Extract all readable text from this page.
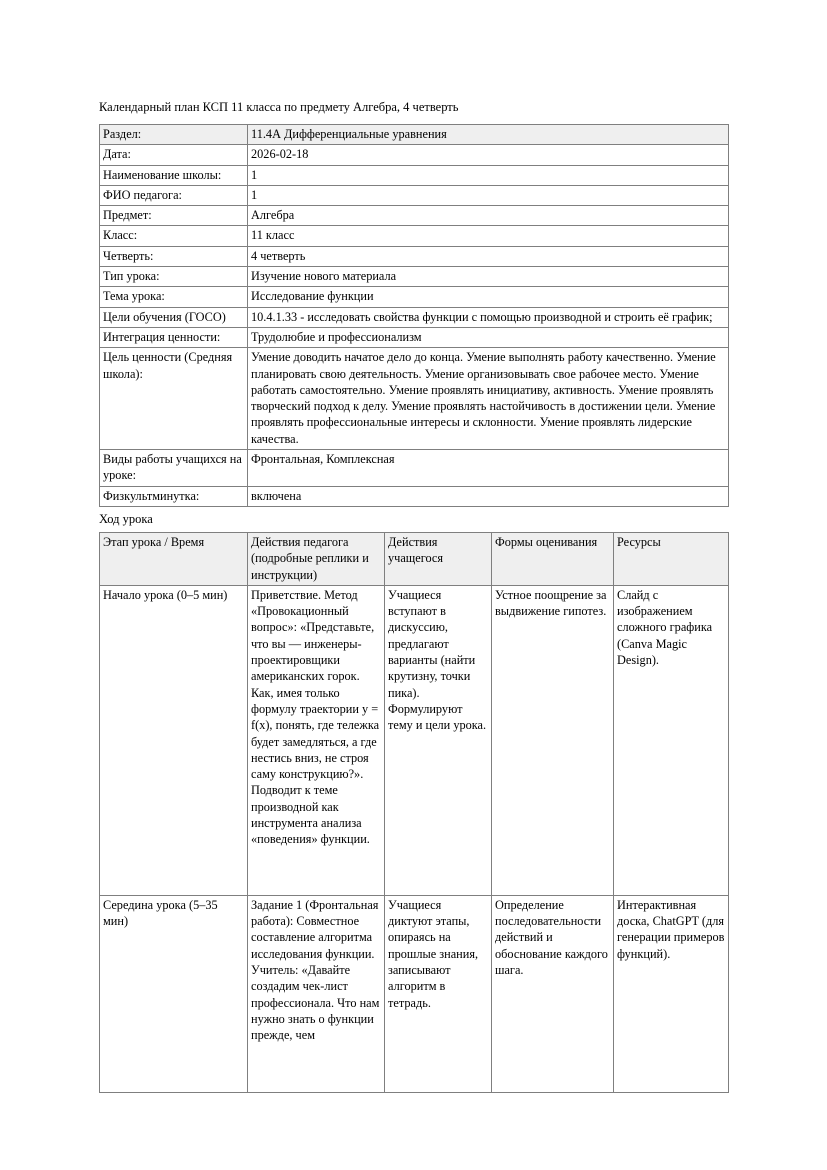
Календарный план КСП 11 класса по предмету Алгебра, 4 четверть

Раздел:	11.4А Дифференциальные уравнения

Дата:	2026-02-18

Наименование школы:	1

ФИО педагога:	1

Предмет:	Алгебра

Класс:	11 класс

Четверть:	4 четверть

Тип урока:	Изучение нового материала

Тема урока:	Исследование функции

Цели обучения (ГОСО)	10.4.1.33 - исследовать свойства функции с помощью производной и строить её график;

Интеграция ценности:	Трудолюбие и профессионализм

Цель ценности (Средняя школа):	Умение доводить начатое дело до конца. Умение выполнять работу качественно. Умение планировать свою деятельность. Умение организовывать свое рабочее место. Умение работать самостоятельно. Умение проявлять инициативу, активность. Умение проявлять творческий подход к делу. Умение проявлять настойчивость в достижении цели. Умение проявлять профессиональные интересы и склонности. Умение проявлять лидерские качества.

Виды работы учащихся на уроке:	Фронтальная, Комплексная

Физкультминутка:	включена

Ход урока

Этап урока / Время	Действия педагога (подробные реплики и инструкции)	Действия учащегося	Формы оценивания	Ресурсы

Начало урока (0–5 мин)	Приветствие. Метод «Провокационный вопрос»: «Представьте, что вы — инженеры-проектировщики американских горок. Как, имея только формулу траектории y = f(x), понять, где тележка будет замедляться, а где нестись вниз, не строя саму конструкцию?». Подводит к теме производной как инструмента анализа «поведения» функции.	Учащиеся вступают в дискуссию, предлагают варианты (найти крутизну, точки пика). Формулируют тему и цели урока.	Устное поощрение за выдвижение гипотез.	Слайд с изображением сложного графика (Canva Magic Design).

Середина урока (5–35 мин)	Задание 1 (Фронтальная работа): Совместное составление алгоритма исследования функции. Учитель: «Давайте создадим чек-лист профессионала. Что нам нужно знать о функции прежде, чем	Учащиеся диктуют этапы, опираясь на прошлые знания, записывают алгоритм в тетрадь.	Определение последовательности действий и обоснование каждого шага.	Интерактивная доска, ChatGPT (для генерации примеров функций).
